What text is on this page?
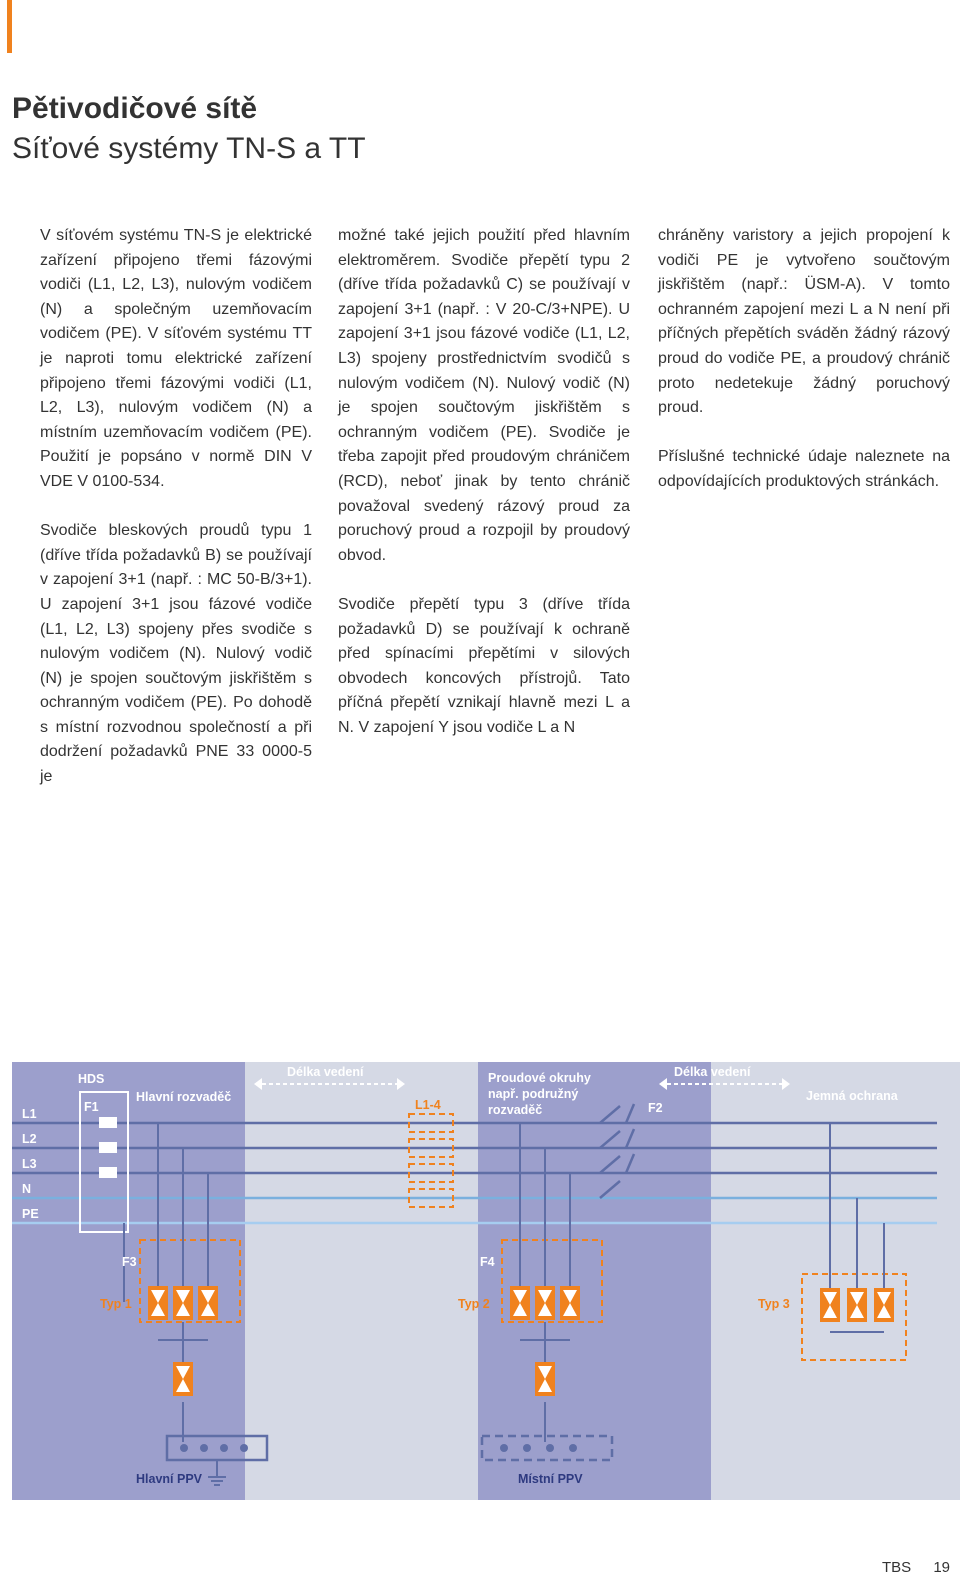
Pětivodičové sítě
Síťové systémy TN-S a TT

V síťovém systému TN-S je elektrické zařízení připojeno třemi fázovými vodiči (L1, L2, L3), nulovým vodičem (N) a společným uzemňovacím vodičem (PE). V síťovém systému TT je naproti tomu elektrické zařízení připojeno třemi fázovými vodiči (L1, L2, L3), nulovým vodičem (N) a místním uzemňovacím vodičem (PE). Použití je popsáno v normě DIN V VDE V 0100-534.

Svodiče bleskových proudů typu 1 (dříve třída požadavků B) se používají v zapojení 3+1 (např. : MC 50-B/3+1). U zapojení 3+1 jsou fázové vodiče (L1, L2, L3) spojeny přes svodiče s nulovým vodičem (N). Nulový vodič (N) je spojen součtovým jiskřištěm s ochranným vodičem (PE). Po dohodě s místní rozvodnou společností a při dodržení požadavků PNE 33 0000-5 je

možné také jejich použití před hlavním elektroměrem. Svodiče přepětí typu 2 (dříve třída požadavků C) se používají v zapojení 3+1 (např. : V 20-C/3+NPE). U zapojení 3+1 jsou fázové vodiče (L1, L2, L3) spojeny prostřednictvím svodičů s nulovým vodičem (N). Nulový vodič (N) je spojen součtovým jiskřištěm s ochranným vodičem (PE). Svodiče je třeba zapojit před proudovým chráničem (RCD), neboť jinak by tento chránič považoval svedený rázový proud za poruchový proud a rozpojil by proudový obvod.

Svodiče přepětí typu 3 (dříve třída požadavků D) se používají k ochraně před spínacími přepětími v silových obvodech koncových přístrojů. Tato příčná přepětí vznikají hlavně mezi L a N. V zapojení Y jsou vodiče L a N

chráněny varistory a jejich propojení k vodiči PE je vytvořeno součtovým jiskřištěm (např.: ÜSM-A). V tomto ochranném zapojení mezi L a N není při příčných přepětích sváděn žádný rázový proud do vodiče PE, a proudový chránič proto nedetekuje žádný poruchový proud.

Příslušné technické údaje naleznete na odpovídajících produktových stránkách.

L1
L2
L3
N
PE
HDS
F1
Hlavní rozvaděč
Délka vedení
L1-4
Proudové okruhy
např. podružný
rozvaděč
Délka vedení
F2
Jemná ochrana
F3	F4
Hlavní PPV	Místní PPV
Typ 1	Typ 2	Typ 3
TBS 19
